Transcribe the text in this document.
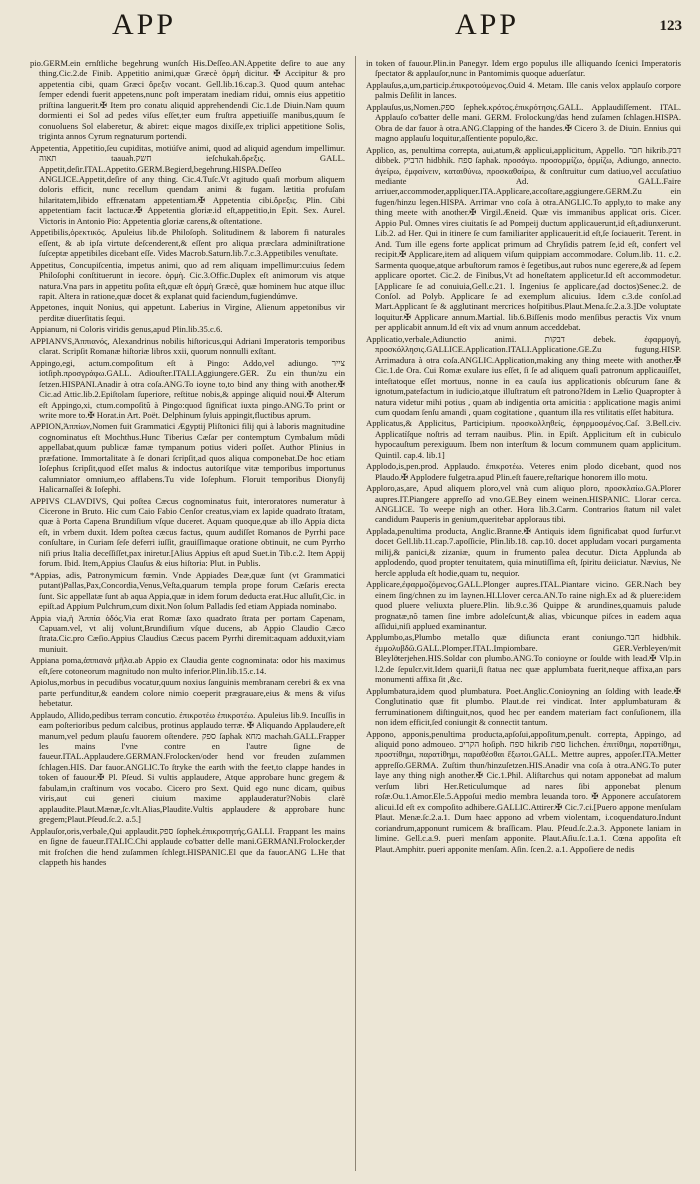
APP	APP	123

pio.GERM.ein ernſtliche begehrung wunſch His.Deſſeo.AN.Appetite deſire to aue any thing.Cic.2.de Finib. Appetitio animi,quæ Græcè ὁρμὴ dicitur. ✠ Accipitur & pro appetentia cibi, quam Græci ὄρεξιν vocant. Gell.lib.16.cap.3. Quod quum antehac ſemper edendi fuerit appetens,nunc poſt imperatam inediam ridui, omnis eius appetitio priſtina languerit.✠ Item pro conatu aliquid apprehendendi Cic.1.de Diuin.Nam quum dormienti ei Sol ad pedes viſus eſſet,ter eum fruſtra appetiuiſſe manibus,quum ſe conuoluens Sol elaberetur, & abiret: eique magos dixiſſe,ex triplici appetitione Solis, triginta annos Cyrum regnaturum portendi.

Appetentia, Appetitio,ſeu cupiditas, motiúſve animi, quod ad aliquid agendum impellimur. תאוה taauah.חשק ieſchukah.ὄρεξις. GALL. Appetit,deſir.ITAL.Appetito.GERM.Begierd,begehrung.HISPA.Deſſeo ANGLICE.Appetit,deſire of any thing. Cic.4.Tuſc.Vt agitudo quaſi morbum aliquem doloris efficit, nunc recellum quendam animi & fugam. lætitia profuſam hilaritatem,libido effrænatam appetentiam.✠ Appetentia cibi.ὄρεξις. Plin. Cibi appetentiam facit lactucæ.✠ Appetentia gloriæ.id eſt,appetitio,in Epit. Sex. Aurel. Victoris in Antonio Pio: Appetentia gloriæ carens,& oſtentatione.

Appetibilis,ὀρεκτικός. Apuleius lib.de Philoſoph. Solitudinem & laborem fi naturales eſſent, & ab ipſa virtute deſcenderent,& eſſent pro aliqua præclara adminiſtratione ſuſceptæ appetibiles dicebant eſſe. Vides Macrob.Saturn.lib.7.c.3.Appetibiles venuſtate.

Appetitus, Concupiſcentia, impetus animi, quo ad rem aliquam impellimur:cuius ſedem Philoſophi conſtituerunt in iecore. ὁρμὴ. Cic.3.Offic.Duplex eſt animorum vis atque natura.Vna pars in appetitu poſita eſt,quæ eſt ὁρμὴ Græcè, quæ hominem huc atque illuc rapit. Altera in ratione,quæ docet & explanat quid faciendum,fugiendúmve.

Appetones, inquit Nonius, qui appetunt. Laberius in Virgine, Alienum appetonibus vir perditæ diuerſitatis ſequi.

Appianum, ni Coloris viridis genus,apud Plin.lib.35.c.6.

APPIANVS,Ἀππιανός, Alexandrinus nobilis hiſtoricus,qui Adriani Imperatoris temporibus clarat. Scripſit Romanæ hiſtoriæ libros xxii, quorum nonnulli exſtant.

Appingo,egi, actum.compoſitum eſt à Pingo: Addo,vel adiungo. צייר iotſiph.προσγράφω.GALL. Adiouſter.ITALI.Aggiungere.GER. Zu ein thun/zu ein ſetzen.HISPANI.Anadir à otra coſa.ANG.To ioyne to,to bind any thing with another.✠ Cic.ad Attic.lib.2.Epiſtolam ſuperiore, reſtitue nobis,& appinge aliquid noui.✠ Alterum eſt Appingo,xi, ctum.compoſitũ à Pingo:quod ſignificat iuxta pingo.ANG.To print or write more to.✠ Horat.in Art. Poët. Delphinum ſyluis appingit,fluctibus aprum.

APPION,Ἀππίων,Nomen fuit Grammatici Ægyptij Pliſtonici filij qui à laboris magnitudine cognominatus eſt Mochthus.Hunc Tiberius Cæſar per contemptum Cymbalum mũdi appellabat,quum publicæ famæ tympanum potius videri poſſet. Author Plinius in præfatione. Immortalitate à ſe donari ſcripſit,ad quos aliqua componebat.De hoc etiam Ioſephus ſcripſit,quod eſſet malus & indoctus autoriſque vitæ temporibus importunus calumniator omnium,eo afflabens.Tu vide Ioſephum. Floruit temporibus Dionyſij Halicarnaſſei & Ioſephi.

APPIVS CLAVDIVS, Qui poſtea Cæcus cognominatus fuit, interoratores numeratur à Cicerone in Bruto. Hic cum Caio Fabio Cenſor creatus,viam ex lapide quadrato ſtratam, quæ à Porta Capena Brundiſium vſque duceret. Aquam quoque,quæ ab illo Appia dicta eſt, in vrbem duxit. Idem poſtea cæcus factus, quum audiſſet Romanos de Pyrrhi pace conſultare, in Curiam ſeſe deferri iuſſit, grauiſſimaque oratione obtinuit, ne cum Pyrrho niſi prius Italia deceſſiſſet,pax iniretur.[Alius Appius eſt apud Suet.in Tib.c.2. Item Appij forum. Ibid. Item,Appius Clauſus & eius hiſtoria: Plut. in Publis.

*Appias, adis, Patronymicum fœmin. Vnde Appiades Deæ,quæ ſunt (vt Grammatici putant)Pallas,Pax,Concordia,Venus,Veſta,quarum templa prope forum Cæſaris erecta ſunt. Sic appellatæ ſunt ab aqua Appia,quæ in idem forum deducta erat.Huc alluſit,Cic. in epiſt.ad Appium Pulchrum,cum dixit.Non ſolum Palladis ſed etiam Appiada nominabo.

Appia via,ἡ Ἀππία ὁδός.Via erat Romæ ſaxo quadrato ſtrata per portam Capenam, Capuam.vel, vt alij volunt,Brundiſium vſque ducens, ab Appio Claudio Cæco ſtrata.Cic.pro Cæſio.Appius Claudius Cæcus pacem Pyrrhi diremit:aquam adduxit,viam muniuit.

Appiana poma,ἀππιανὰ μῆλα.ab Appio ex Claudia gente cognominata: odor his maximus eſt,ſere cotoneorum magnitudo non multo inferior.Plin.lib.15.c.14.

Apiolus,morbus in pecudibus vocatur,quum noxius ſanguinis membranam cerebri & ex vna parte perfunditur,& eandem colore nimio coeperit prægrauare,eius & mens & viſus hebetatur.

Applaudo, Allido,pedibus terram concutio. ἐπικροτέω ἐπικροτέω. Apuleius lib.9. Incuſſis in eam poſterioribus pedum calcibus, protinus applaudo terræ. ✠ Aliquando Applaudere,eſt manum,vel pedum plauſu fauorem oſtendere. ספק ſaphak מחא machah.GALL.Frapper les mains l'vne contre en l'autre ſigne de faueur.ITAL.Applaudere.GERMAN.Frolocken/oder hend vor freuden zuſammen ſchlagen.HIS. Dar fauor.ANGLIC.To ſtryke the earth with the feet,to clappe handes in token of fauour.✠ Pl. Pſeud. Si vultis applaudere, Atque approbare hunc gregem & fabulam,in craſtinum vos vocabo. Cicero pro Sext. Quid ego nunc dicam, quibus viris,aut cui generi ciuium maxime applauderatur?Nobis clarè applaudite.Plaut.Mænæ,ſc.vlt.Alias,Plaudite.Vultis applaudere & approbare hunc gregem;Plaut.Pſeud.ſc.2. a.5.]

Applauſor,oris,verbale,Qui applaudit.ספק ſophek.ἐπικροτητής.GALLI. Frappant les mains en ſigne de faueur.ITALIC.Chi applaude co'batter delle mani.GERMANI.Frolocker,der mit froſchen die hend zuſammen ſchlegt.HISPANIC.El que da fauor.ANG L.He that clappeth his handes

in token of fauour.Plin.in Panegyr. Idem ergo populus ille alliquando ſcenici Imperatoris ſpectator & applauſor,nunc in Pantomimis quoque aduerſatur.

Applauſus,a,um,particip.ἐπικροτούμενος.Ouid 4. Metam. Ille canis velox applauſo corpore palmis Deſilit in lances.

Applauſus,us,Nomen.ספק ſephek.κρότος.ἐπικρότησις.GALL. Applaudiſſement. ITAL. Applauſo co'batter delle mani. GERM. Frolockung/das hend zuſamen ſchlagen.HISPA. Obra de dar fauor à otra.ANG.Clapping of the handes.✠ Cicero 3. de Diuin. Ennius qui magno applauſu loquitur,aſſentiente populo,&c.

Applico, as, penultima correpta, aui,atum,& applicui,applicitum, Appello. חבר hikrib.דבק dibbek. הדביק hidbhik. ספח ſaphak. προσάγω. προσορμίζω, ὁρμίζω, Adiungo, annecto. ἀγείρω, ἐμφαίνειν, καταιθύνω, προσκαθαίρω, & conſtruitur cum datiuo,vel accuſatiuo mediante Ad. GALL.Faire arriuer,accommoder,appliquer.ITA.Applicare,accoſtare,aggiungere.GERM.Zu ein fugen/hinzu legen.HISPA. Arrimar vno coſa à otra.ANGLIC.To apply,to to make any thing meete with another.✠ Virgil.Æneid. Quæ vis immanibus applicat oris. Cicer. Appio Pul. Omnes vires ciuitatis ſe ad Pompeij ductum applicauerunt,id eſt,adiunxerunt. Lib.2. ad Her. Qui in itinere ſe cum familiariter applicauerit.id eſt,ſe ſociauerit. Terent. in And. Tum ille egens forte applicat primum ad Chryſidis patrem ſe,id eſt, confert vel recipit.✠ Applicare,item ad aliquem viſum quippiam accommodare. Colum.lib. 11. c.2. Sarmenta quoque,atque arbuſtorum ramos è ſegetibus,aut rubos nunc egerere,& ad ſepem applicare oportet. Cic.2. de Finibus,Vt ad honeſtatem applicetur.Id eſt accommodetur.[Applicare ſe ad conuiuia,Gell.c.21. l. Ingenius ſe applicare,(ad doctos)Senec.2. de Conſol. ad Polyb. Applicare ſe ad exemplum alicuius. Idem c.3.de conſol.ad Mart.Applicant ſe & agglutinant mercrices hoſpitibus.Plaut.Mena.ſc.2.a.3.]De voluptate loquitur.✠ Applicare annum.Martial. lib.6.Biſſenis modo menſibus peractis Vix vnum per applicabit annum.Id eſt vix ad vnum annum acceddebat.

Applicatio,verbale,Adiunctio animi. דבקות debek. ἐφαρμογή, προσκόλλησις.GALLICE.Application.ITALI.Applicatione.GE.Zu fugung.HISP. Arrimadura à otra coſa.ANGLIC.Application,making any thing meete with another.✠ Cic.1.de Ora. Cui Romæ exulare ius eſſet, ſi ſe ad aliquem quaſi patronum applicauiſſet, inteſtatoque eſſet mortuus, nonne in ea cauſa ius applicationis obſcurum ſane & ignotum,patefactum in iudicio,atque illuſtratum eſt patrono?Idem in Lælio Quapropter à natura videtur mihi potius , quam ab indigentia orta amicitia : applicatione magis animi cum quodam ſenſu amandi , quam cogitatione , quantum illa res vtilitatis eſſet habitura.

Applicatus,& Applicitus, Participium. προσκολληθείς, ἐφηρμοσμένος.Caſ. 3.Bell.civ. Applicatíſque noſtris ad terram nauibus. Plin. in Epiſt. Applicitum eſt in cubiculo hypocauſtum perexiguum. Ibem non interſtum & locum communem quam applicitum. Quintil. cap.4. lib.1]

Applodo,is,pen.prod. Applaudo. ἐπικροτέω. Veteres enim plodo dicebant, quod nos Plaudo.✠ Applodere fulgetra.apud Plin.eſt fauere,reſtarique honorem illo motu.

Apploro,as,are, Apud aliquem ploro,vel vnà cum aliquo ploro, προσκλαίω.GA.Plorer aupres.IT.Piangere appreſſo ad vno.GE.Bey einem weinen.HISPANIC. Llorar cerca. ANGLICE. To weepe nigh an other. Hora lib.3.Carm. Contrarios ſtatum nil valet candidum Pauperis in genium,queritebar apploraus tibi.

Applada,penultima producta, Anglic.Branne.✠ Antiquis idem ſignificabat quod ſurfur.vt docet Gell.lib.11.cap.7.apoſſicie, Plin.lib.18. cap.10. docet appludam vocari purgamenta milij,& panici,& zizaniæ, quum in frumento palea decutur. Dicta Applunda ab applodendo, quod propter tenuitatem, quia minutiſſima eſt, ſpiritu deiiciatur. Nævius, Ne hercle appluda eſt hodie,quam tu, nequior.

Applicare,ἐφαρμοζόμενος.GALL.Plonger aupres.ITAL.Piantare vicino. GER.Nach bey einem ſing/chnen zu im laynen.HI.Llover cerca.AN.To raine nigh.Ex ad & pluere:idem quod pluere veliuxta pluere.Plin. lib.9.c.36 Quippe & arundines,quamuis palude prognatæ,nõ tamen ſine imbre adoleſcunt,& alias, vbicunque piſces in eadem aqua aſſidui,niſi applued examinantur.

Applumbo,as,Plumbo metallo quæ diſiuncta erant coniungo.חבר hidbhik. ἐμμολυβδῶ.GALL.Plomper.ITAL.Impiombare. GER.Verbleyen/mit Bleylöͤterjehen.HIS.Soldar con plumbo.ANG.To conioyne or ſoulde with lead.✠ Vlp.in l.2.de ſepulcr.vit.Idem quarii,ſi ſtatua nec quæ applumbata fuerit,neque affixa,an pars monumenti affixa ſit ,&c.

Applumbatura,idem quod plumbatura. Poet.Anglic.Conioyning an ſolding with leade.✠ Conglutinatio quæ fit plumbo. Plaut.de rei vindicat. Inter applumbaturam & ferruminationem diſtinguit,nos, quod hec per eandem materiam fact conſuſionem, illa non idem efficit,ſed coniungit & connectit tantum.

Appono, apponis,penultima producta,apſoſui,appoſitum,penult. correpta, Appingo, ad aliquid pono admoueo. הקריב hoſiph. ספח hikrib ספת lichchen. ἐπιτίθημι, παρατίθημι, προστίθημι, παρατίθημι, παραθέσθαι ἔξωτοι.GALL. Mettre aupres, appoſer.ITA.Metter appreſſo.GERMA. Zuſtim thun/hinzuſetzen.HIS.Anadir vna coſa à otra.ANG.To puter laye any thing nigh another.✠ Cic.1.Phil. Aliſtarchus qui notam apponebat ad malum verſum libri Her.Reticulumque ad nares ſibi apponebat plenum roſæ.Ou.1.Amor.Ele.5.Appoſui medio membra leuanda toro. ✠ Apponere accuſatorem alicui.Id eſt ex compoſito adhibere.GALLIC.Attirer.✠ Cic.7.ci.[Puero appone menſulam Plaut. Menæ.ſc.2.a.1. Dum haec appono ad vrbem violentam, i.coquendaturo.Indunt coriandrum,apponunt rumicem & braſſicam. Plau. Pſeud.ſc.2.a.3. Apponete laniam in limine. Gell.c.a.9. pueri menſam apponite. Plaut.Aſiu.ſc.1.a.1. Cœna appoſita eſt Plaut.Amphitr. pueri apponite menſam. Aſin. ſcen.2. a.1. Appoſiere de nedis
